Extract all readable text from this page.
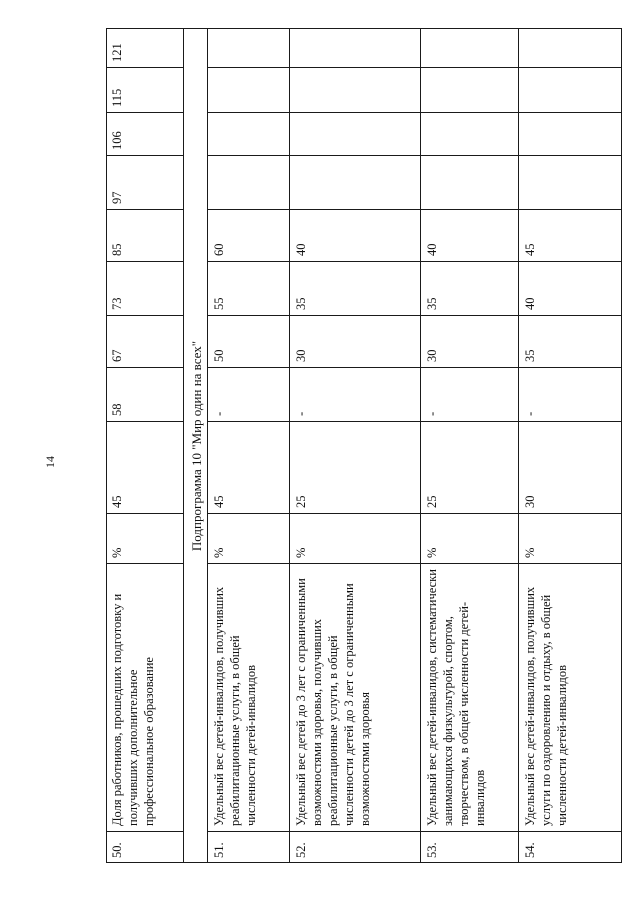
14
50.
Доля работников, прошедших подготовку и получивших дополнительное профессиональное образование
%
45
58
67
73
85
97
106
115
121
Подпрограмма 10 "Мир один на всех"
51.
Удельный вес детей-инвалидов, получивших реабилитационные услуги, в общей численности детей-инвалидов
%
45
-
50
55
60
52.
Удельный вес детей до 3 лет с ограниченными возможностями здоровья, получивших реабилитационные услуги, в общей численности детей до 3 лет с ограниченными возможностями здоровья
%
25
-
30
35
40
53.
Удельный вес детей-инвалидов, систематически занимающихся физкультурой, спортом, творчеством, в общей численности детей-инвалидов
%
25
-
30
35
40
54.
Удельный вес детей-инвалидов, получивших услуги по оздоровлению и отдыху, в общей численности детей-инвалидов
%
30
-
35
40
45
